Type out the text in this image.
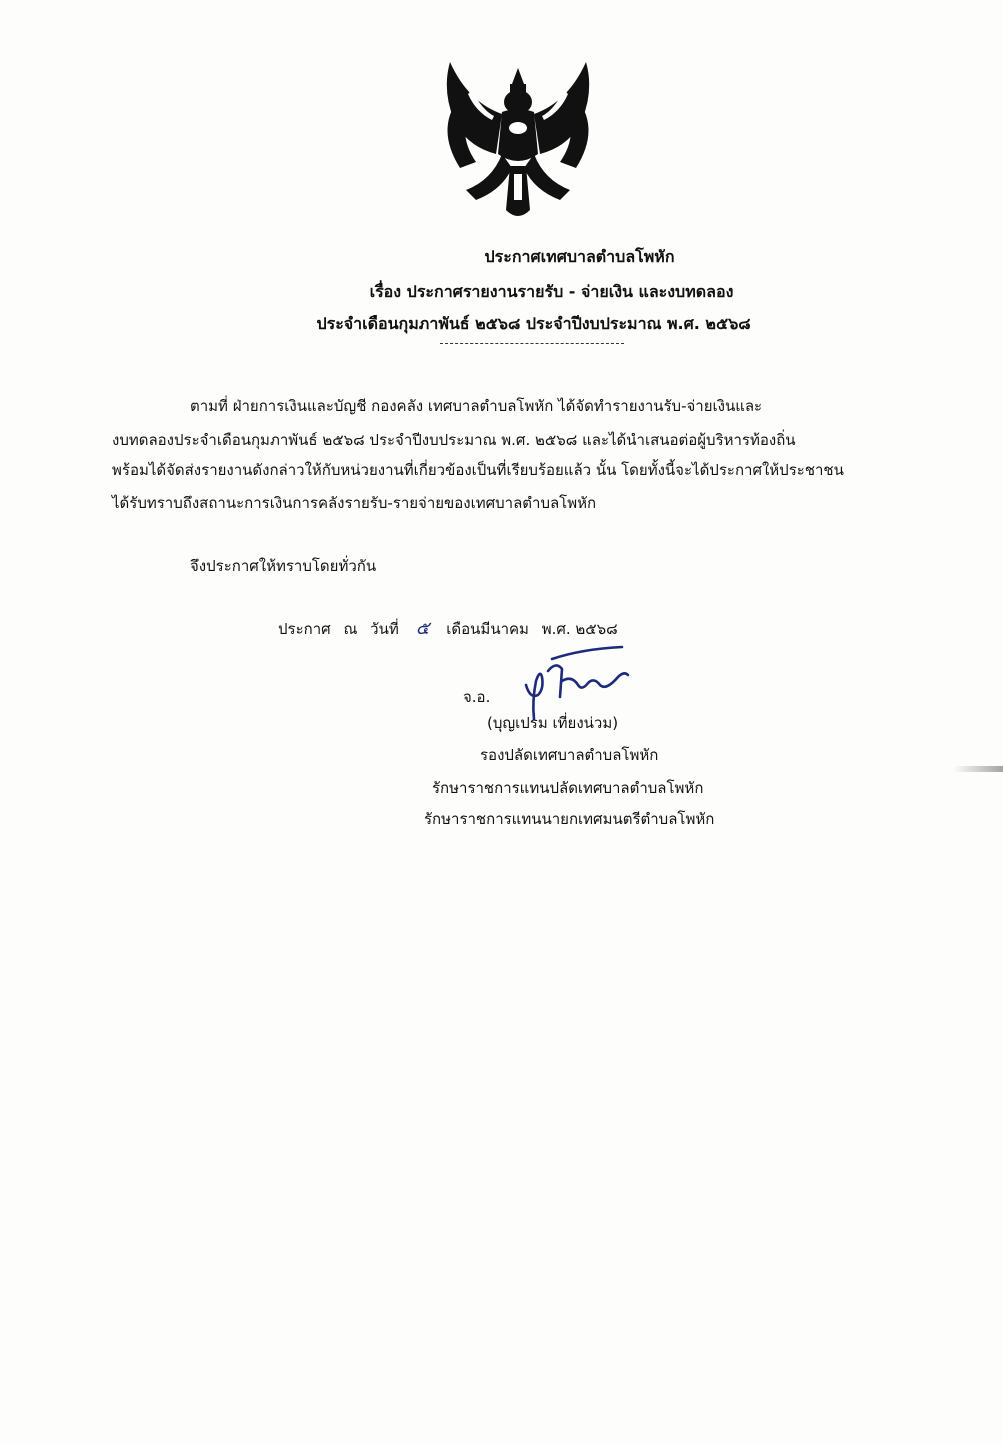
ประกาศเทศบาลตำบลโพหัก
เรื่อง ประกาศรายงานรายรับ - จ่ายเงิน และงบทดลอง
ประจำเดือนกุมภาพันธ์ ๒๕๖๘ ประจำปีงบประมาณ พ.ศ. ๒๕๖๘
ตามที่ ฝ่ายการเงินและบัญชี กองคลัง เทศบาลตำบลโพหัก ได้จัดทำรายงานรับ-จ่ายเงินและ
งบทดลองประจำเดือนกุมภาพันธ์ ๒๕๖๘ ประจำปีงบประมาณ พ.ศ. ๒๕๖๘ และได้นำเสนอต่อผู้บริหารท้องถิ่น
พร้อมได้จัดส่งรายงานดังกล่าวให้กับหน่วยงานที่เกี่ยวข้องเป็นที่เรียบร้อยแล้ว นั้น โดยทั้งนี้จะได้ประกาศให้ประชาชน
ได้รับทราบถึงสถานะการเงินการคลังรายรับ-รายจ่ายของเทศบาลตำบลโพหัก
จึงประกาศให้ทราบโดยทั่วกัน
ประกาศ ณ วันที่ ๕ เดือนมีนาคม พ.ศ. ๒๕๖๘
จ.อ.
(บุญเปรม เที่ยงน่วม)
รองปลัดเทศบาลตำบลโพหัก
รักษาราชการแทนปลัดเทศบาลตำบลโพหัก
รักษาราชการแทนนายกเทศมนตรีตำบลโพหัก
